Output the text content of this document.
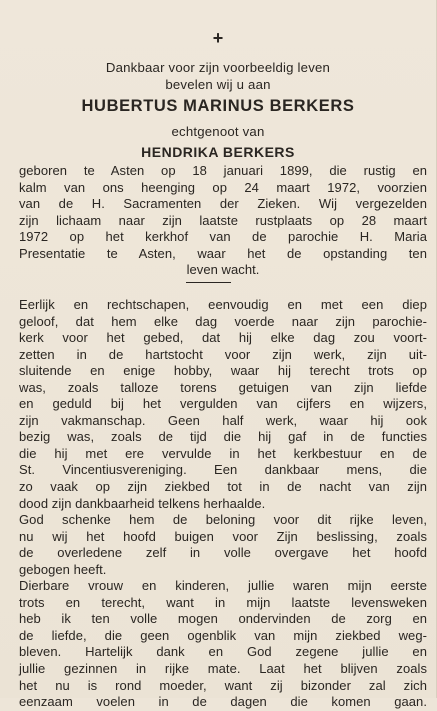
+
Dankbaar voor zijn voorbeeldig leven
bevelen wij u aan
HUBERTUS MARINUS BERKERS
echtgenoot van
HENDRIKA BERKERS
geboren te Asten op 18 januari 1899, die rustig en
kalm van ons heenging op 24 maart 1972, voorzien
van de H. Sacramenten der Zieken. Wij vergezelden
zijn lichaam naar zijn laatste rustplaats op 28 maart
1972 op het kerkhof van de parochie H. Maria
Presentatie te Asten, waar het de opstanding ten
leven wacht.
Eerlijk en rechtschapen, eenvoudig en met een diep
geloof, dat hem elke dag voerde naar zijn parochie-
kerk voor het gebed, dat hij elke dag zou voort-
zetten in de hartstocht voor zijn werk, zijn uit-
sluitende en enige hobby, waar hij terecht trots op
was, zoals talloze torens getuigen van zijn liefde
en geduld bij het vergulden van cijfers en wijzers,
zijn vakmanschap. Geen half werk, waar hij ook
bezig was, zoals de tijd die hij gaf in de functies
die hij met ere vervulde in het kerkbestuur en de
St. Vincentiusvereniging. Een dankbaar mens, die
zo vaak op zijn ziekbed tot in de nacht van zijn
dood zijn dankbaarheid telkens herhaalde.
God schenke hem de beloning voor dit rijke leven,
nu wij het hoofd buigen voor Zijn beslissing, zoals
de overledene zelf in volle overgave het hoofd
gebogen heeft.
Dierbare vrouw en kinderen, jullie waren mijn eerste
trots en terecht, want in mijn laatste levensweken
heb ik ten volle mogen ondervinden de zorg en
de liefde, die geen ogenblik van mijn ziekbed weg-
bleven. Hartelijk dank en God zegene jullie en
jullie gezinnen in rijke mate. Laat het blijven zoals
het nu is rond moeder, want zij bizonder zal zich
eenzaam voelen in de dagen die komen gaan.
